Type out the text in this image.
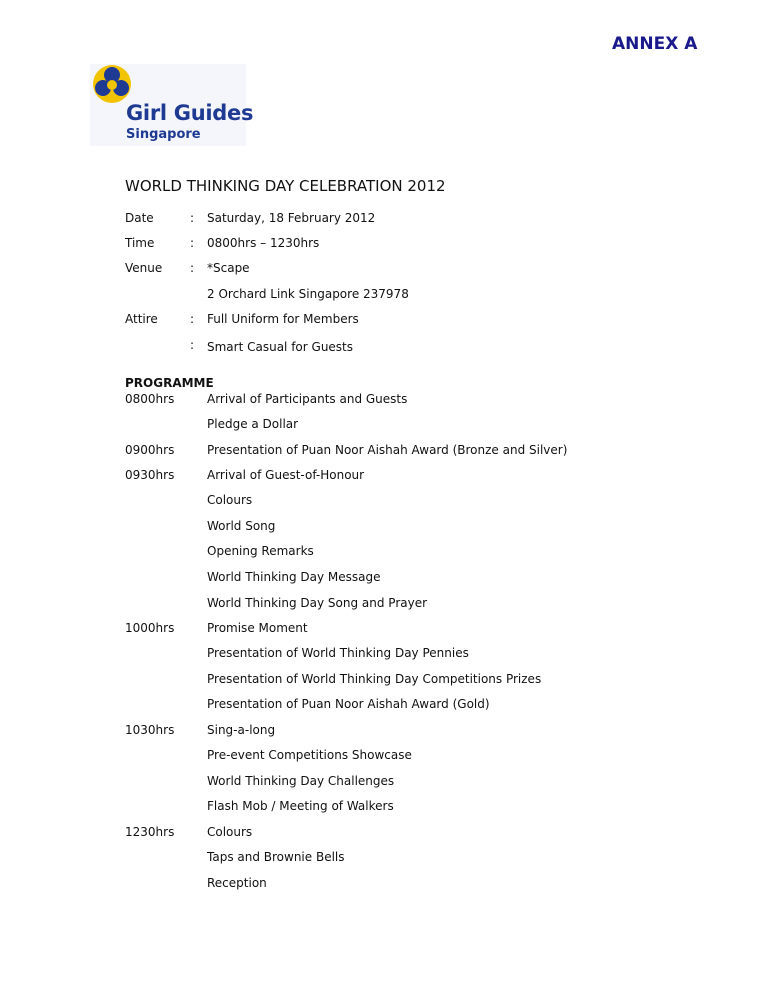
ANNEX A
Girl Guides
Singapore
WORLD THINKING DAY CELEBRATION 2012
Date	: Saturday, 18 February 2012
Time	: 0800hrs – 1230hrs
Venue : *Scape
2 Orchard Link Singapore 237978
Attire	: Full Uniform for Members
: Smart Casual for Guests
PROGRAMME
0800hrs	Arrival of Participants and Guests
Pledge a Dollar
0900hrs	Presentation of Puan Noor Aishah Award (Bronze and Silver)
0930hrs	Arrival of Guest-of-Honour
Colours
World Song
Opening Remarks
World Thinking Day Message
World Thinking Day Song and Prayer
1000hrs	Promise Moment
Presentation of World Thinking Day Pennies
Presentation of World Thinking Day Competitions Prizes
Presentation of Puan Noor Aishah Award (Gold)
1030hrs	Sing-a-long
Pre-event Competitions Showcase
World Thinking Day Challenges
Flash Mob / Meeting of Walkers
1230hrs	Colours
Taps and Brownie Bells
Reception
